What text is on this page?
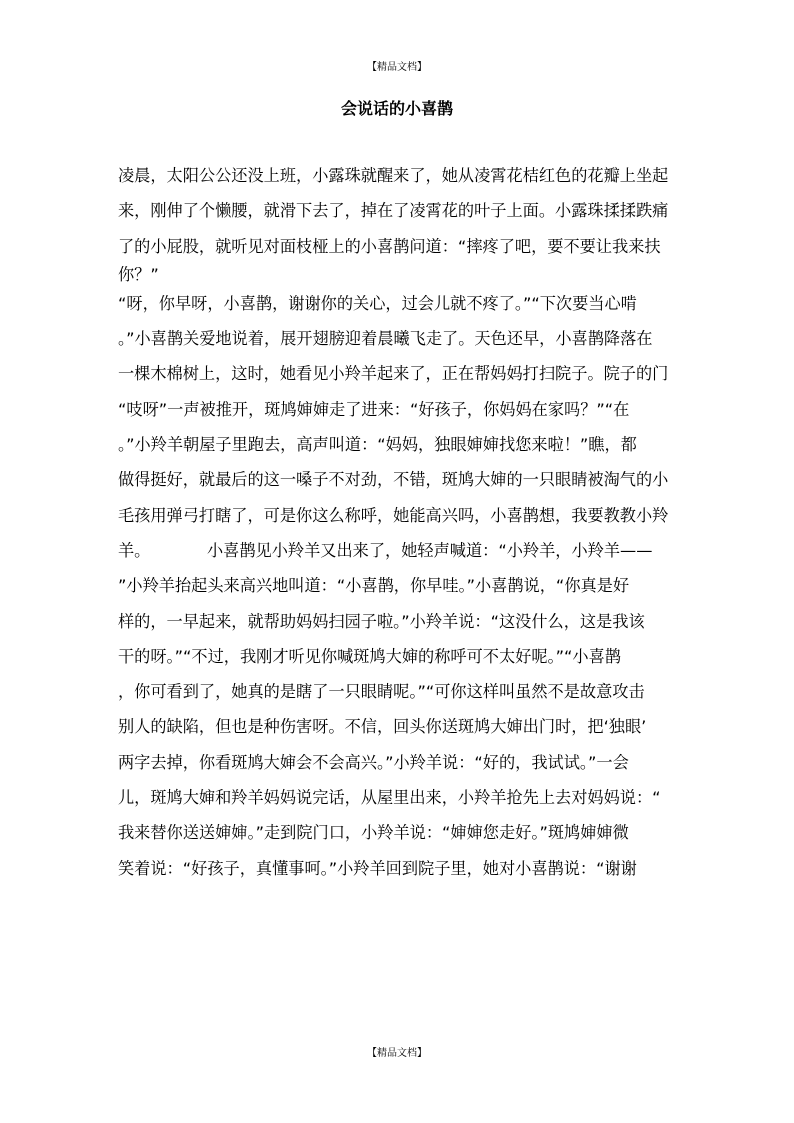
【精品文档】
会说话的小喜鹊
凌晨，太阳公公还没上班，小露珠就醒来了，她从凌霄花桔红色的花瓣上坐起
来，刚伸了个懒腰，就滑下去了，掉在了凌霄花的叶子上面。小露珠揉揉跌痛
了的小屁股，就听见对面枝桠上的小喜鹊问道：“摔疼了吧，要不要让我来扶
你？”
“呀，你早呀，小喜鹊，谢谢你的关心，过会儿就不疼了。”“下次要当心啃
。”小喜鹊关爱地说着，展开翅膀迎着晨曦飞走了。天色还早，小喜鹊降落在
一棵木棉树上，这时，她看见小羚羊起来了，正在帮妈妈打扫院子。院子的门
“吱呀”一声被推开，斑鸠婶婶走了进来：“好孩子，你妈妈在家吗？”“在
。”小羚羊朝屋子里跑去，高声叫道：“妈妈，独眼婶婶找您来啦！”瞧，都
做得挺好，就最后的这一嗓子不对劲，不错，斑鸠大婶的一只眼睛被淘气的小
毛孩用弹弓打瞎了，可是你这么称呼，她能高兴吗，小喜鹊想，我要教教小羚
羊。           小喜鹊见小羚羊又出来了，她轻声喊道：“小羚羊，小羚羊——
”小羚羊抬起头来高兴地叫道：“小喜鹊，你早哇。”小喜鹊说，“你真是好
样的，一早起来，就帮助妈妈扫园子啦。”小羚羊说：“这没什么，这是我该
干的呀。”“不过，我刚才听见你喊斑鸠大婶的称呼可不太好呢。”“小喜鹊
，你可看到了，她真的是瞎了一只眼睛呢。”“可你这样叫虽然不是故意攻击
别人的缺陷，但也是种伤害呀。不信，回头你送斑鸠大婶出门时，把‘独眼’
两字去掉，你看斑鸠大婶会不会高兴。”小羚羊说：“好的，我试试。”一会
儿，斑鸠大婶和羚羊妈妈说完话，从屋里出来，小羚羊抢先上去对妈妈说：“
我来替你送送婶婶。”走到院门口，小羚羊说：“婶婶您走好。”斑鸠婶婶微
笑着说：“好孩子，真懂事呵。”小羚羊回到院子里，她对小喜鹊说：“谢谢
【精品文档】
